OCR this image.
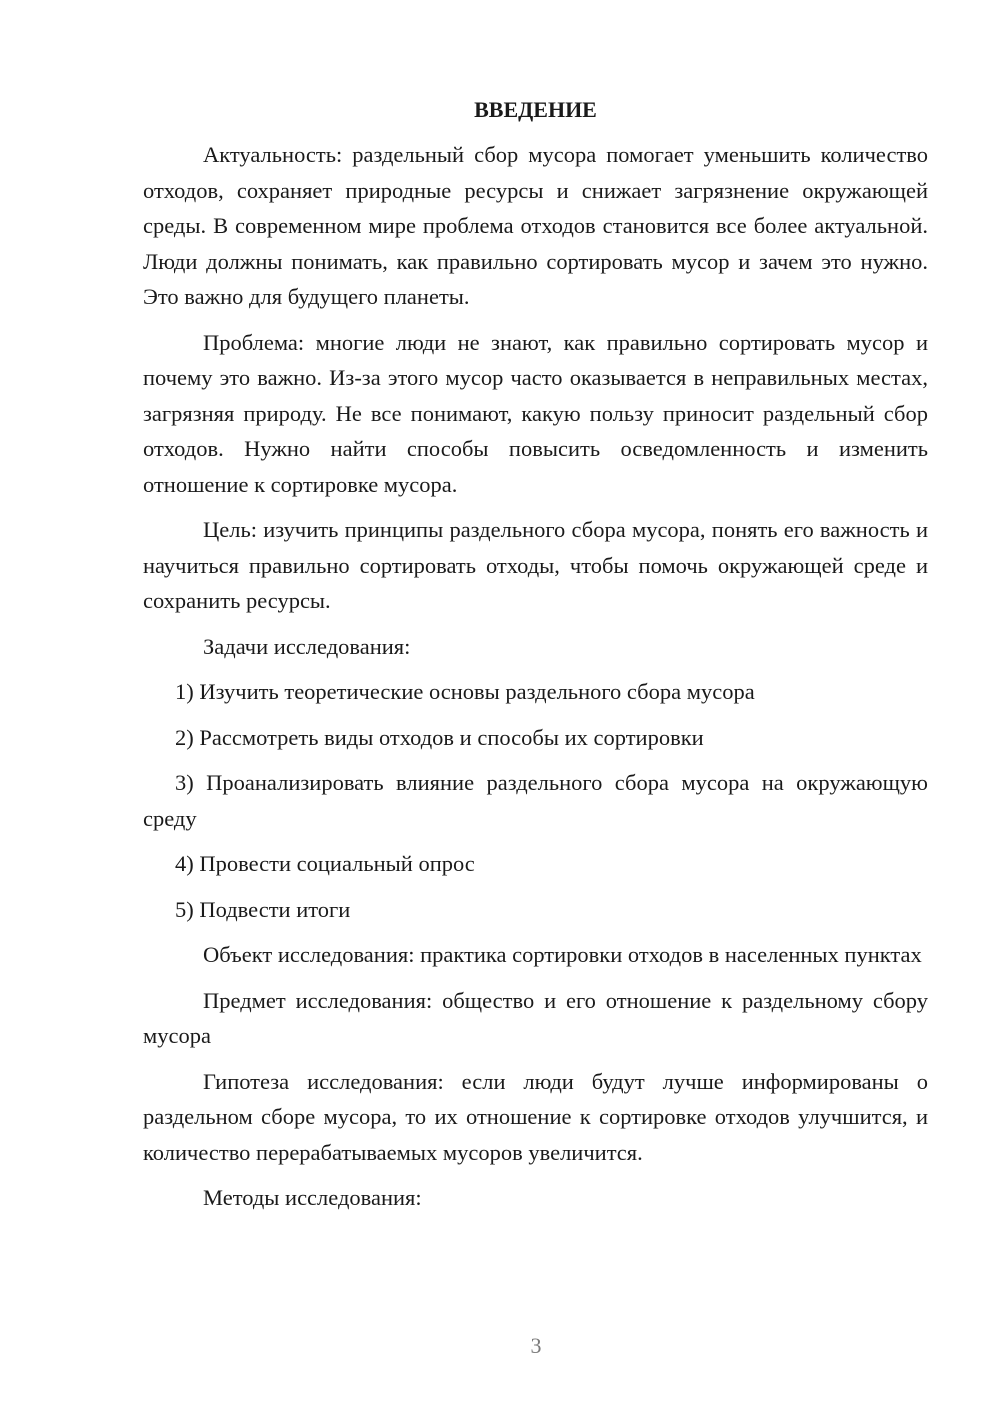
ВВЕДЕНИЕ

Актуальность: раздельный сбор мусора помогает уменьшить количество отходов, сохраняет природные ресурсы и снижает загрязнение окружающей среды. В современном мире проблема отходов становится все более актуальной. Люди должны понимать, как правильно сортировать мусор и зачем это нужно. Это важно для будущего планеты.

Проблема: многие люди не знают, как правильно сортировать мусор и почему это важно. Из-за этого мусор часто оказывается в неправильных местах, загрязняя природу. Не все понимают, какую пользу приносит раздельный сбор отходов. Нужно найти способы повысить осведомленность и изменить отношение к сортировке мусора.

Цель: изучить принципы раздельного сбора мусора, понять его важность и научиться правильно сортировать отходы, чтобы помочь окружающей среде и сохранить ресурсы.

Задачи исследования:

1) Изучить теоретические основы раздельного сбора мусора

2) Рассмотреть виды отходов и способы их сортировки

3) Проанализировать влияние раздельного сбора мусора на окружающую среду

4) Провести социальный опрос

5) Подвести итоги

Объект исследования: практика сортировки отходов в населенных пунктах

Предмет исследования: общество и его отношение к раздельному сбору мусора

Гипотеза исследования: если люди будут лучше информированы о раздельном сборе мусора, то их отношение к сортировке отходов улучшится, и количество перерабатываемых мусоров увеличится.

Методы исследования:

3
